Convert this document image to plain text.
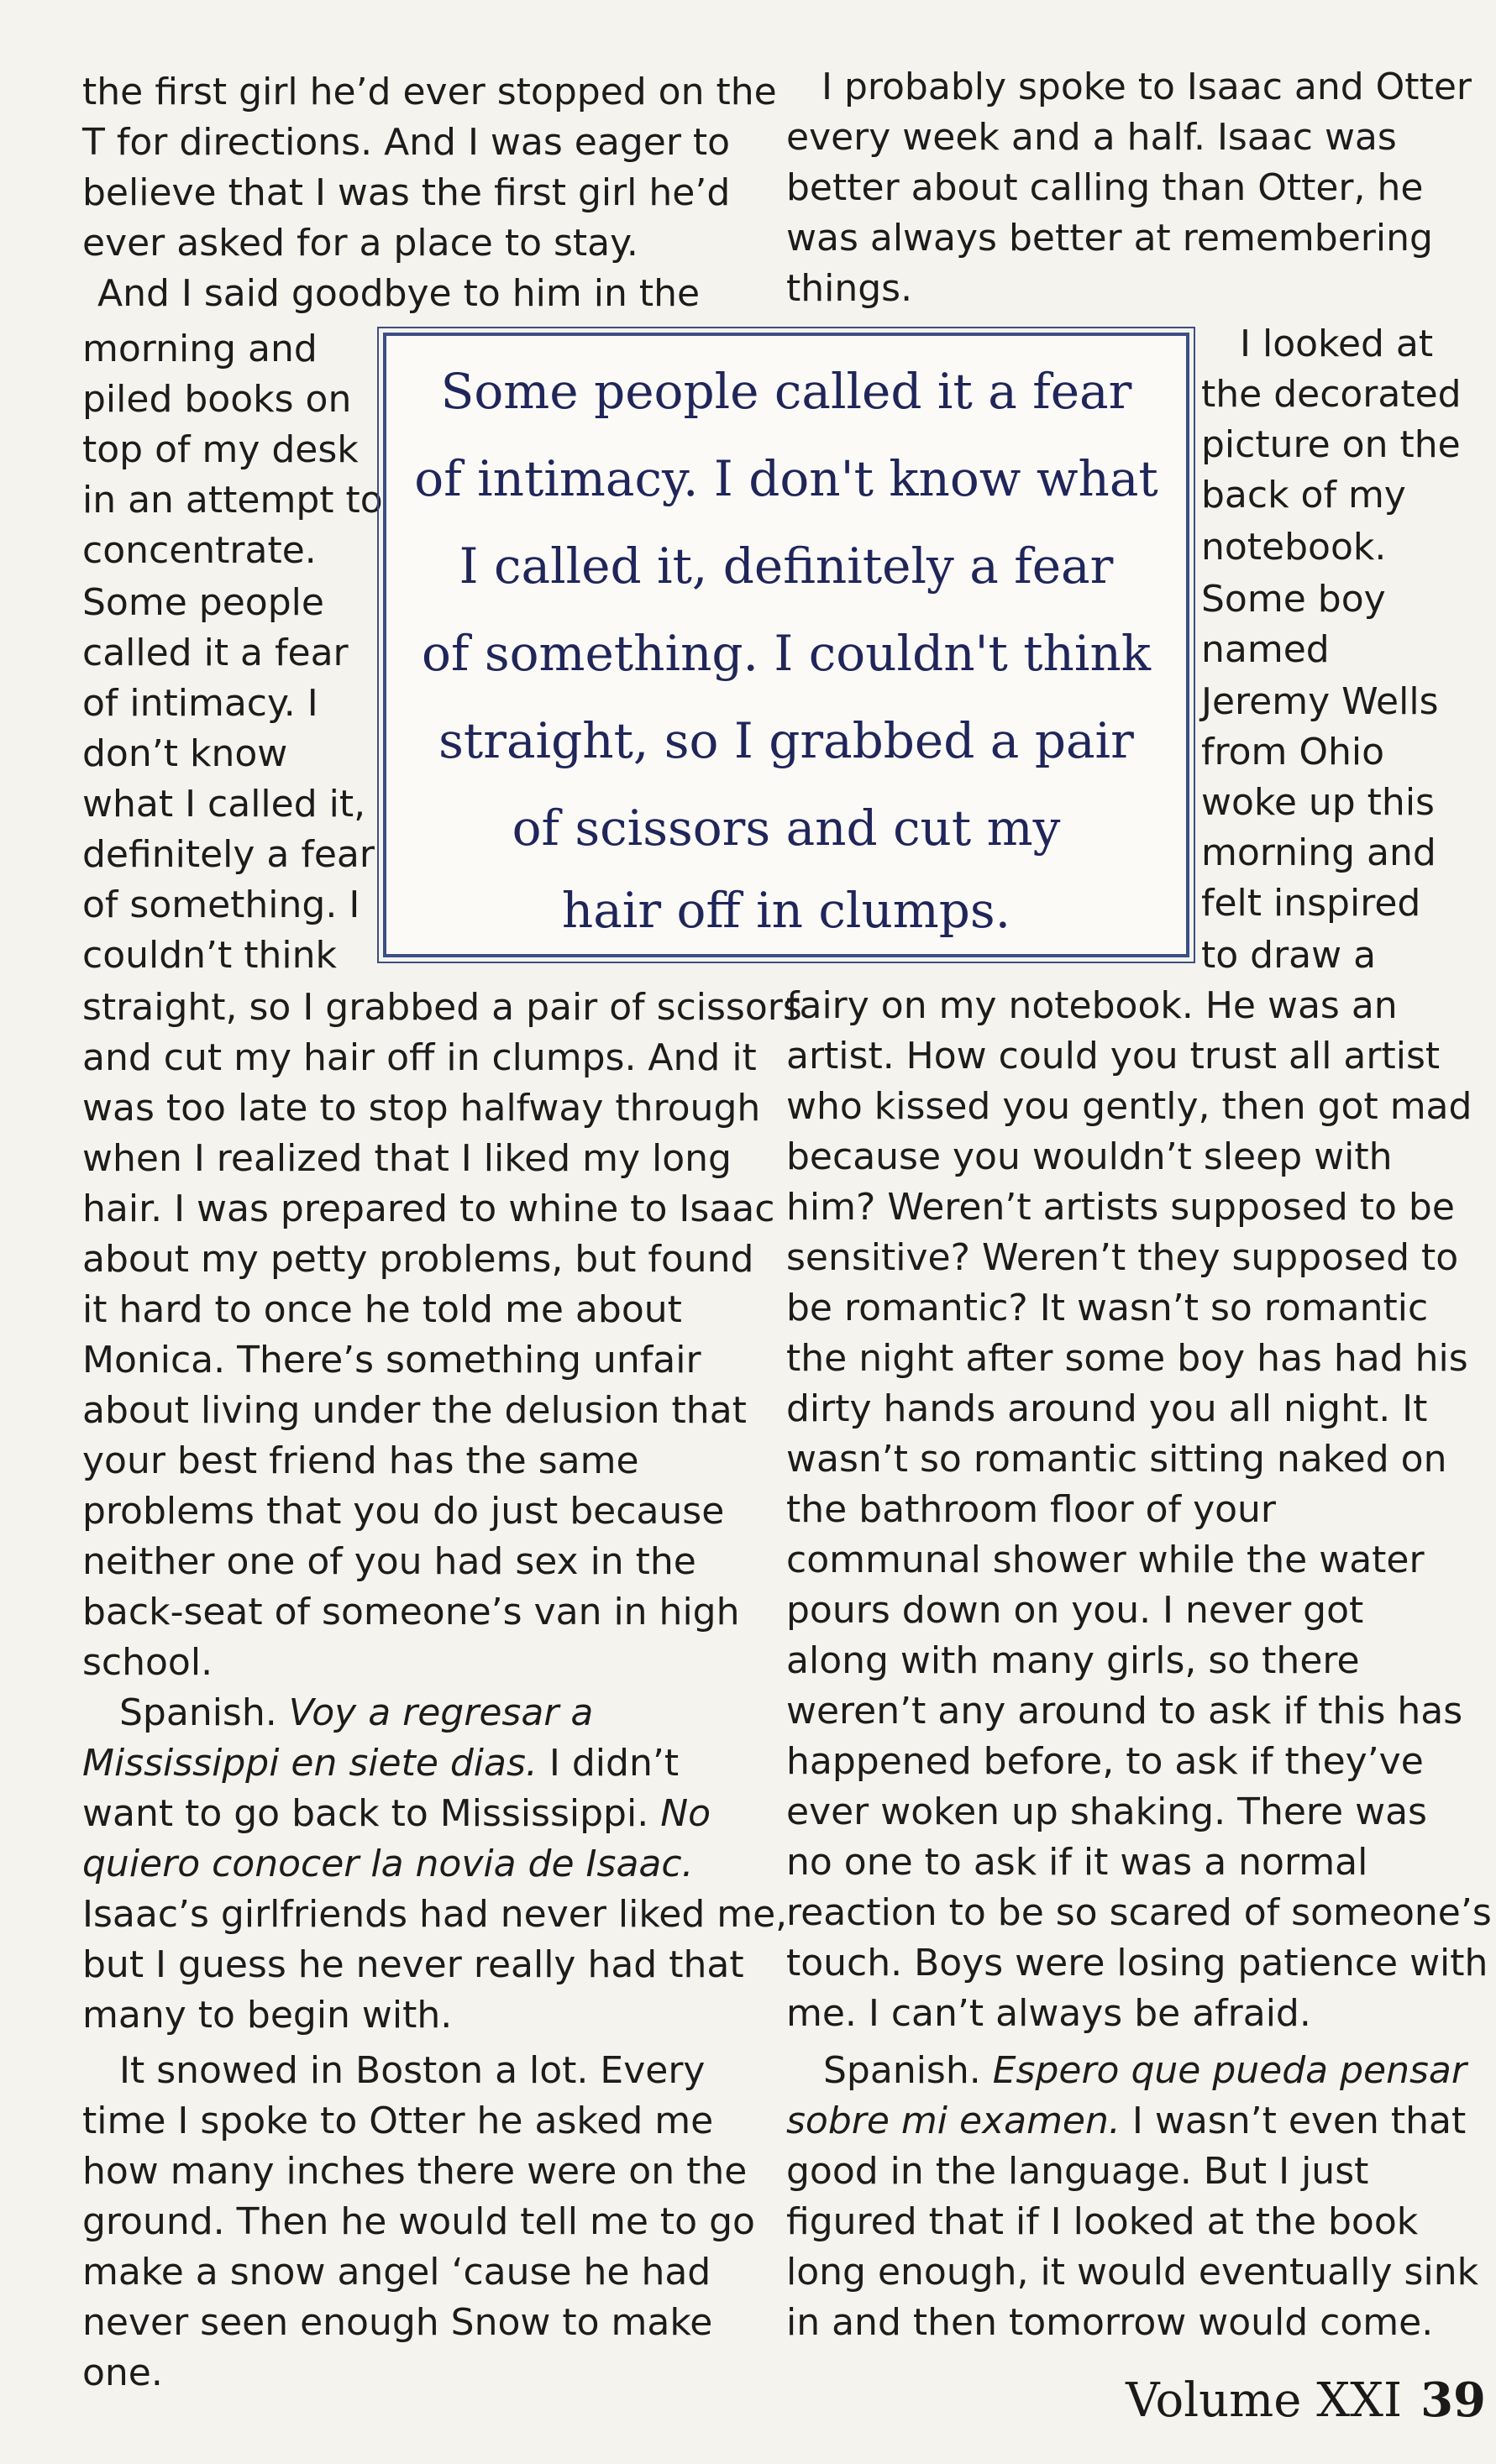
the first girl he’d ever stopped on the
T for directions. And I was eager to
believe that I was the first girl he’d
ever asked for a place to stay.
And I said goodbye to him in the
morning and
piled books on
top of my desk
in an attempt to
concentrate.
Some people
called it a fear
of intimacy. I
don’t know
what I called it,
definitely a fear
of something. I
couldn’t think
straight, so I grabbed a pair of scissors
and cut my hair off in clumps. And it
was too late to stop halfway through
when I realized that I liked my long
hair. I was prepared to whine to Isaac
about my petty problems, but found
it hard to once he told me about
Monica. There’s something unfair
about living under the delusion that
your best friend has the same
problems that you do just because
neither one of you had sex in the
back-seat of someone’s van in high
school.
Spanish. Voy a regresar a
Mississippi en siete dias. I didn’t
want to go back to Mississippi. No
quiero conocer la novia de Isaac.
Isaac’s girlfriends had never liked me,
but I guess he never really had that
many to begin with.
It snowed in Boston a lot. Every
time I spoke to Otter he asked me
how many inches there were on the
ground. Then he would tell me to go
make a snow angel ‘cause he had
never seen enough Snow to make
one.
I probably spoke to Isaac and Otter
every week and a half. Isaac was
better about calling than Otter, he
was always better at remembering
things.
I looked at
the decorated
picture on the
back of my
notebook.
Some boy
named
Jeremy Wells
from Ohio
woke up this
morning and
felt inspired
to draw a
fairy on my notebook. He was an
artist. How could you trust all artist
who kissed you gently, then got mad
because you wouldn’t sleep with
him? Weren’t artists supposed to be
sensitive? Weren’t they supposed to
be romantic? It wasn’t so romantic
the night after some boy has had his
dirty hands around you all night. It
wasn’t so romantic sitting naked on
the bathroom floor of your
communal shower while the water
pours down on you. I never got
along with many girls, so there
weren’t any around to ask if this has
happened before, to ask if they’ve
ever woken up shaking. There was
no one to ask if it was a normal
reaction to be so scared of someone’s
touch. Boys were losing patience with
me. I can’t always be afraid.
Spanish. Espero que pueda pensar
sobre mi examen. I wasn’t even that
good in the language. But I just
figured that if I looked at the book
long enough, it would eventually sink
in and then tomorrow would come.
Some people called it a fear
of intimacy. I don't know what
I called it, definitely a fear
of something. I couldn't think
straight, so I grabbed a pair
of scissors and cut my
hair off in clumps.
Volume XXI 39
